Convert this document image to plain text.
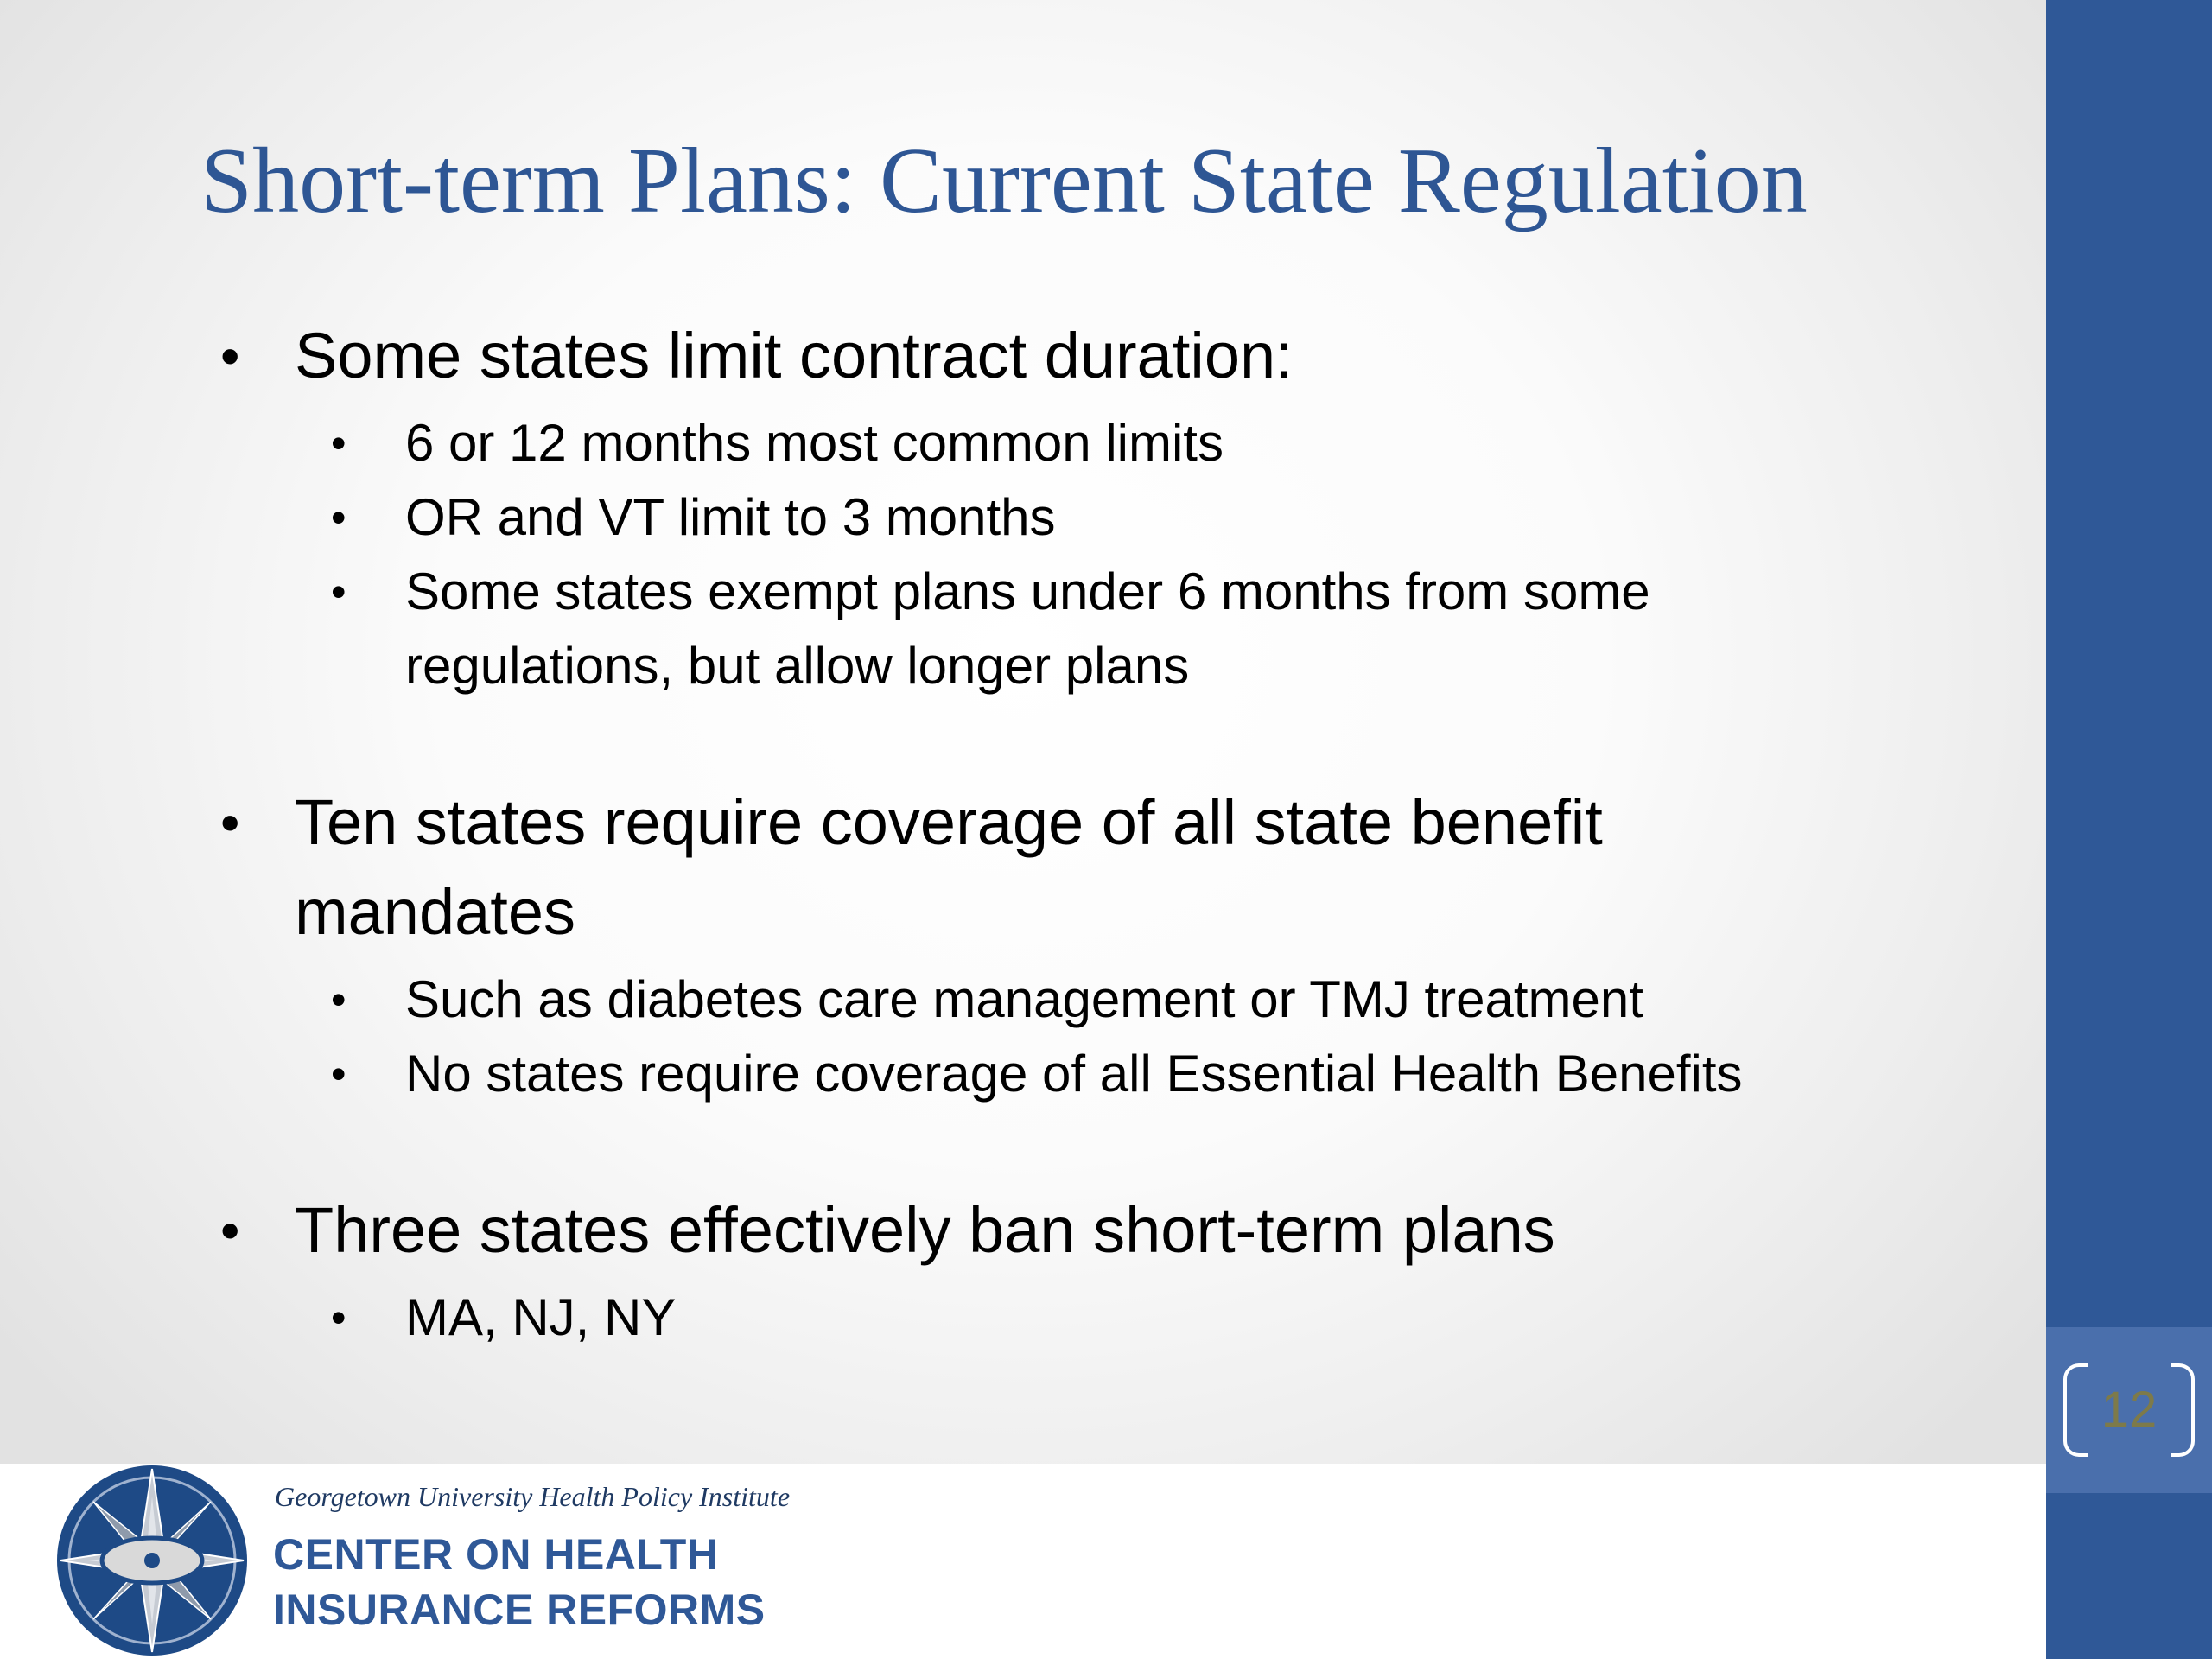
12
Short-term Plans: Current State Regulation
• Some states limit contract duration:
• 6 or 12 months most common limits
• OR and VT limit to 3 months
• Some states exempt plans under 6 months from some
regulations, but allow longer plans
• Ten states require coverage of all state benefit
mandates
• Such as diabetes care management or TMJ treatment
• No states require coverage of all Essential Health Benefits
• Three states effectively ban short-term plans
• MA, NJ, NY
Georgetown University Health Policy Institute
CENTER ON HEALTH
INSURANCE REFORMS
